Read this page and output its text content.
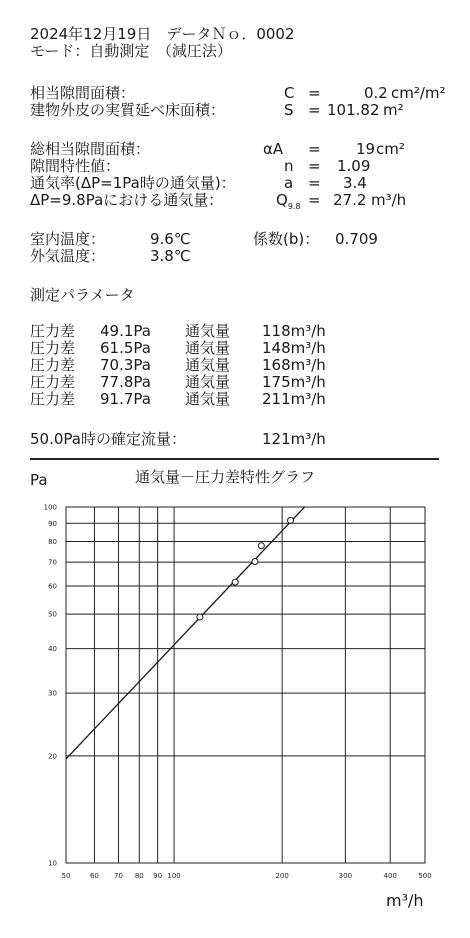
2024年12月19日　データＮｏ．0002
モード：自動測定　（減圧法）
相当隙間面積：	C =	0.2 cm²/m²
建物外皮の実質延べ床面積：	S = 101.82 m²
総相当隙間面積：	αA = 19 cm²
隙間特性値：	n = 1.09
通気率(ΔP=1Pa時の通気量)：	a = 3.4
ΔP=9.8Paにおける通気量：	$Q_{9.8} = 27.2$ m³/h
室内温度：	9.6℃
外気温度：	3.8℃
係数(b)： 0.709
測定パラメータ
圧力差 49.1Pa 通気量 118m³/h
圧力差 61.5Pa 通気量 148m³/h
圧力差 70.3Pa 通気量 168m³/h
圧力差 77.8Pa 通気量 175m³/h
圧力差 91.7Pa 通気量 211m³/h
50.0Pa時の確定流量：	121m³/h
Pa	通気量－圧力差特性グラフ
50	60 70 80 90 100	200	300	400	500
10
20
30
40
50
60
70
80
90
100
m³/h
